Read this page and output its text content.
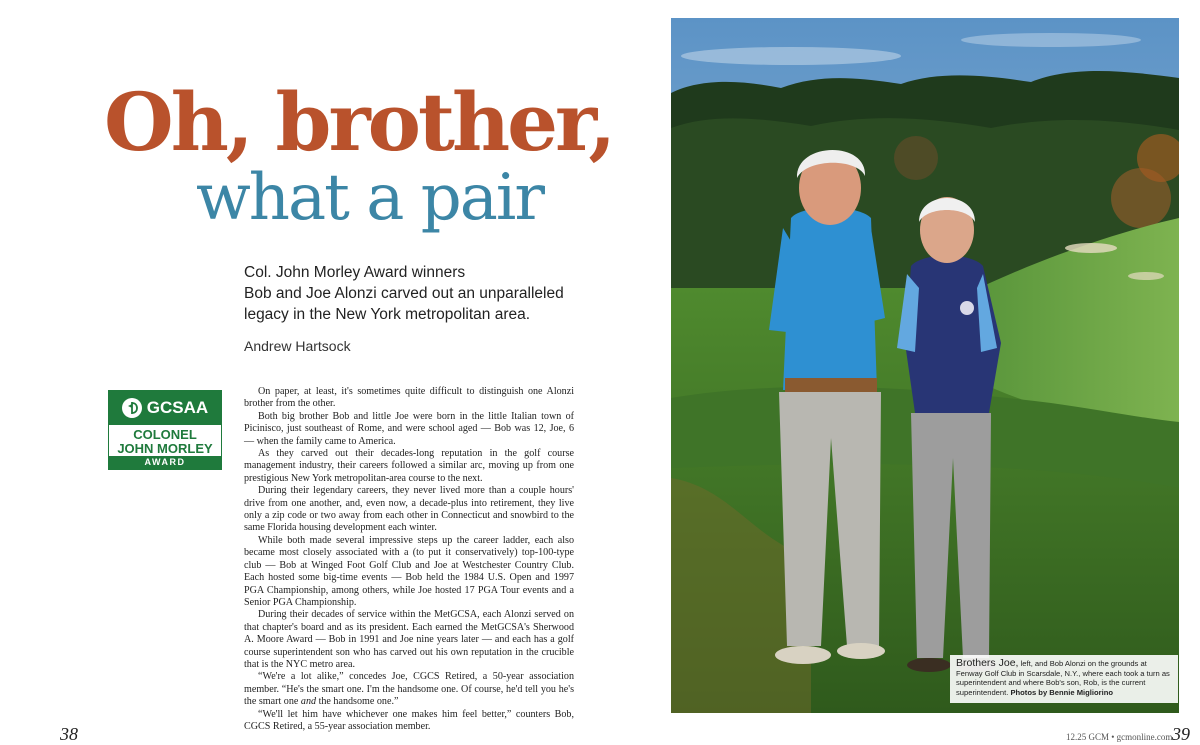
Oh, brother,
what a pair
Col. John Morley Award winners
Bob and Joe Alonzi carved out an unparalleled
legacy in the New York metropolitan area.
Andrew Hartsock
GCSAA
COLONEL
JOHN MORLEY
AWARD

On paper, at least, it's sometimes quite difficult to distinguish one Alonzi brother from the other.

Both big brother Bob and little Joe were born in the little Italian town of Picinisco, just southeast of Rome, and were school aged — Bob was 12, Joe, 6 — when the family came to America.

As they carved out their decades-long reputation in the golf course management industry, their careers followed a similar arc, moving up from one prestigious New York metropolitan-area course to the next.

During their legendary careers, they never lived more than a couple hours' drive from one another, and, even now, a decade-plus into retirement, they live only a zip code or two away from each other in Connecticut and snowbird to the same Florida housing development each winter.

While both made several impressive steps up the career ladder, each also became most closely associated with a (to put it conservatively) top-100-type club — Bob at Winged Foot Golf Club and Joe at Westchester Country Club. Each hosted some big-time events — Bob held the 1984 U.S. Open and 1997 PGA Championship, among others, while Joe hosted 17 PGA Tour events and a Senior PGA Championship.

During their decades of service within the MetGCSA, each Alonzi served on that chapter's board and as its president. Each earned the MetGCSA's Sherwood A. Moore Award — Bob in 1991 and Joe nine years later — and each has a golf course superintendent son who has carved out his own reputation in the crucible that is the NYC metro area.

“We're a lot alike,” concedes Joe, CGCS Retired, a 50-year association member. “He's the smart one. I'm the handsome one. Of course, he'd tell you he's the smart one and the handsome one.”

“We'll let him have whichever one makes him feel better,” counters Bob, CGCS Retired, a 55-year association member.

38
Brothers Joe, left, and Bob Alonzi on the grounds at Fenway Golf Club in Scarsdale, N.Y., where each took a turn as superintendent and where Bob's son, Rob, is the current superintendent. Photos by Bennie Migliorino
12.25 GCM • gcmonline.com 39
